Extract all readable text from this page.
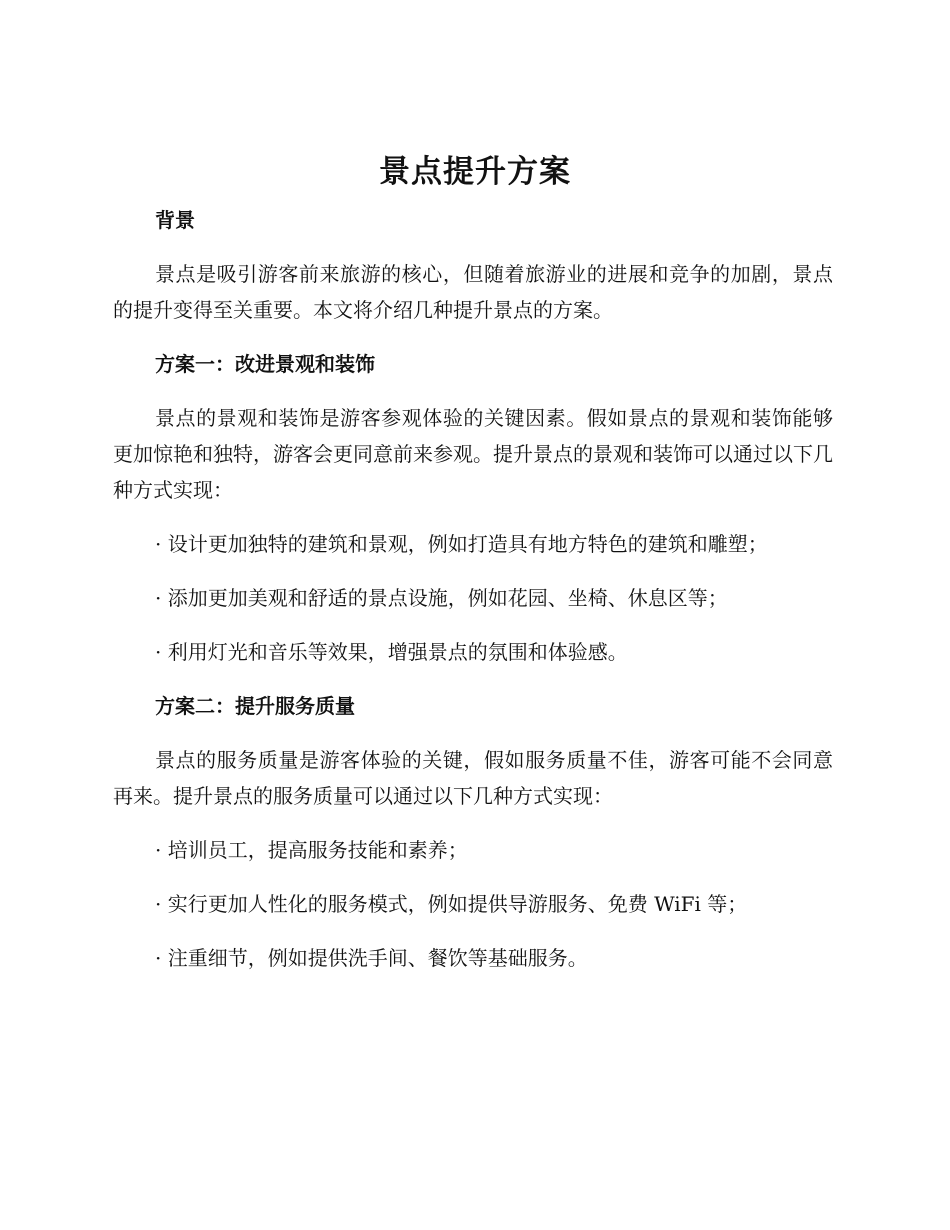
景点提升方案

背景

景点是吸引游客前来旅游的核心，但随着旅游业的进展和竞争的加剧，景点的提升变得至关重要。本文将介绍几种提升景点的方案。

方案一：改进景观和装饰

景点的景观和装饰是游客参观体验的关键因素。假如景点的景观和装饰能够更加惊艳和独特，游客会更同意前来参观。提升景点的景观和装饰可以通过以下几种方式实现：

· 设计更加独特的建筑和景观，例如打造具有地方特色的建筑和雕塑；

· 添加更加美观和舒适的景点设施，例如花园、坐椅、休息区等；

· 利用灯光和音乐等效果，增强景点的氛围和体验感。

方案二：提升服务质量

景点的服务质量是游客体验的关键，假如服务质量不佳，游客可能不会同意再来。提升景点的服务质量可以通过以下几种方式实现：

· 培训员工，提高服务技能和素养；

· 实行更加人性化的服务模式，例如提供导游服务、免费 WiFi 等；

· 注重细节，例如提供洗手间、餐饮等基础服务。
